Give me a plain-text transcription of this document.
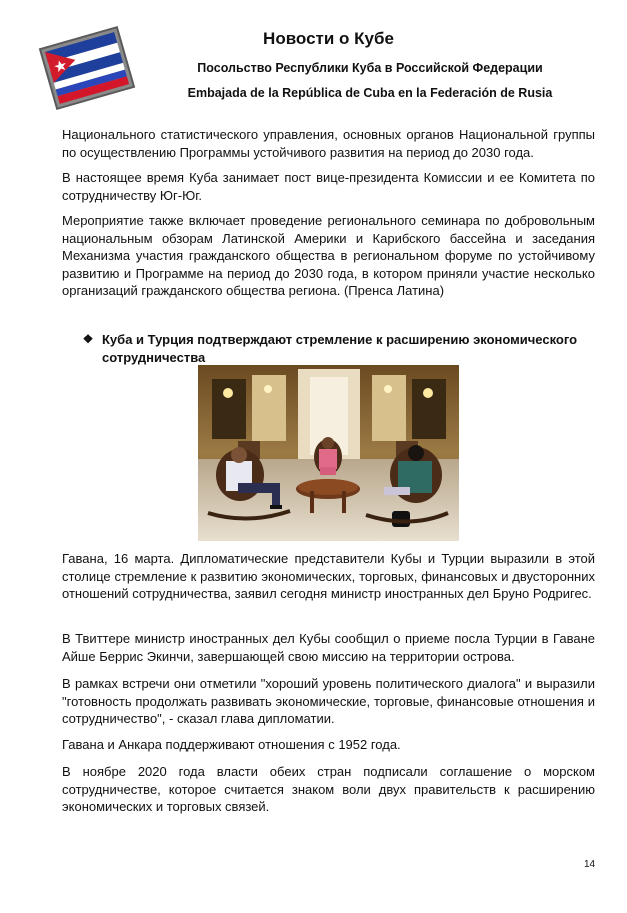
Новости о Кубе
Посольство Республики Куба в Российской Федерации
Embajada de la República de Cuba en la Federación de Rusia

Национального статистического управления, основных органов Национальной группы по осуществлению Программы устойчивого развития на период до 2030 года.

В настоящее время Куба занимает пост вице-президента Комиссии и ее Комитета по сотрудничеству Юг-Юг.

Мероприятие также включает проведение регионального семинара по добровольным национальным обзорам Латинской Америки и Карибского бассейна и заседания Механизма участия гражданского общества в региональном форуме по устойчивому развитию и Программе на период до 2030 года, в котором приняли участие несколько организаций гражданского общества региона. (Пренса Латина)

❖ Куба и Турция подтверждают стремление к расширению экономического сотрудничества

Гавана, 16 марта. Дипломатические представители Кубы и Турции выразили в этой столице стремление к развитию экономических, торговых, финансовых и двусторонних отношений сотрудничества, заявил сегодня министр иностранных дел Бруно Родригес.

В Твиттере министр иностранных дел Кубы сообщил о приеме посла Турции в Гаване Айше Беррис Экинчи, завершающей свою миссию на территории острова.

В рамках встречи они отметили "хороший уровень политического диалога" и выразили "готовность продолжать развивать экономические, торговые, финансовые отношения и сотрудничество", - сказал глава дипломатии.

Гавана и Анкара поддерживают отношения с 1952 года.

В ноябре 2020 года власти обеих стран подписали соглашение о морском сотрудничестве, которое считается знаком воли двух правительств к расширению экономических и торговых связей.

14
